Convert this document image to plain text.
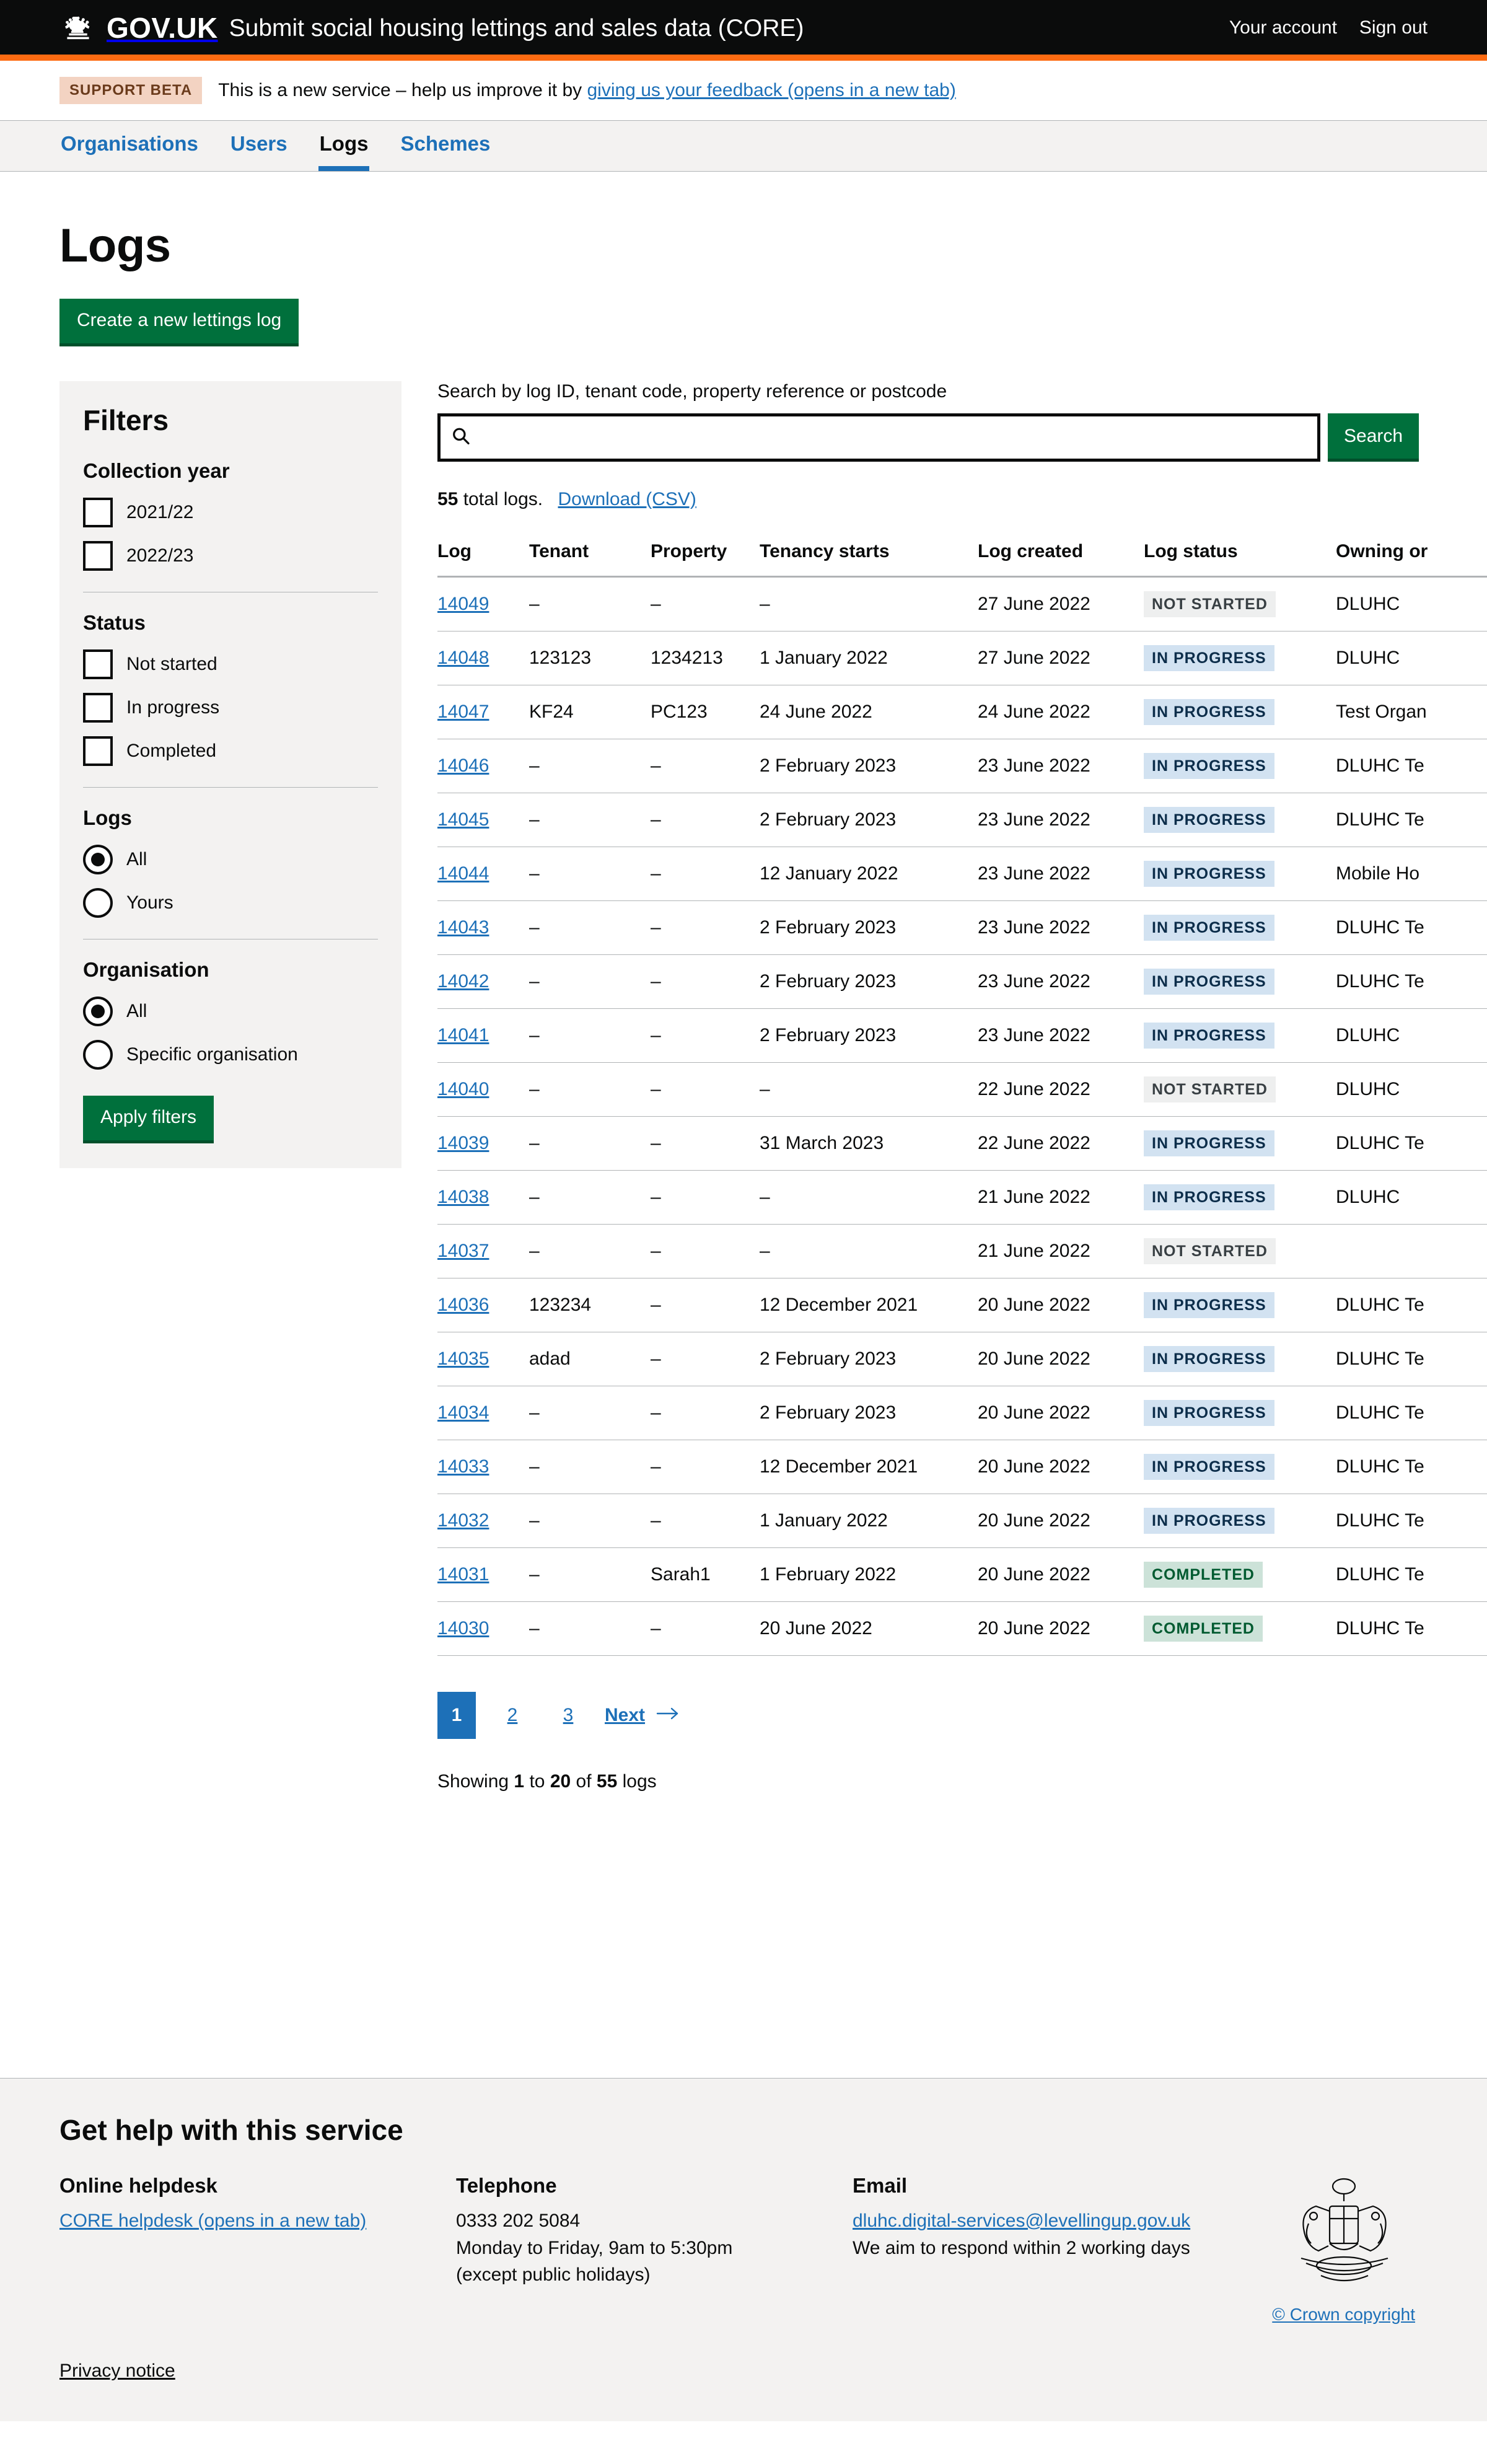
GOV.UK Submit social housing lettings and sales data (CORE)	Your account Sign out
SUPPORT BETA	This is a new service – help us improve it by giving us your feedback (opens in a new tab)
Organisations Users Logs Schemes
Logs
Create a new lettings log
Filters
Collection year
2021/22
2022/23
Status
Not started
In progress
Completed
Logs
All
Yours
Organisation
All
Specific organisation
Apply filters
Search by log ID, tenant code, property reference or postcode
Search
55 total logs. Download (CSV)
Log	Tenant	Property	Tenancy starts	Log created	Log status	Owning or
14049	–	–	–	27 June 2022	NOT STARTED	DLUHC
14048	123123	1234213	1 January 2022	27 June 2022	IN PROGRESS	DLUHC
14047	KF24	PC123	24 June 2022	24 June 2022	IN PROGRESS	Test Organ
14046	–	–	2 February 2023	23 June 2022	IN PROGRESS	DLUHC Te
14045	–	–	2 February 2023	23 June 2022	IN PROGRESS	DLUHC Te
14044	–	–	12 January 2022	23 June 2022	IN PROGRESS	Mobile Ho
14043	–	–	2 February 2023	23 June 2022	IN PROGRESS	DLUHC Te
14042	–	–	2 February 2023	23 June 2022	IN PROGRESS	DLUHC Te
14041	–	–	2 February 2023	23 June 2022	IN PROGRESS	DLUHC
14040	–	–	–	22 June 2022	NOT STARTED	DLUHC
14039	–	–	31 March 2023	22 June 2022	IN PROGRESS	DLUHC Te
14038	–	–	–	21 June 2022	IN PROGRESS	DLUHC
14037	–	–	–	21 June 2022	NOT STARTED	
14036	123234	–	12 December 2021	20 June 2022	IN PROGRESS	DLUHC Te
14035	adad	–	2 February 2023	20 June 2022	IN PROGRESS	DLUHC Te
14034	–	–	2 February 2023	20 June 2022	IN PROGRESS	DLUHC Te
14033	–	–	12 December 2021	20 June 2022	IN PROGRESS	DLUHC Te
14032	–	–	1 January 2022	20 June 2022	IN PROGRESS	DLUHC Te
14031	–	Sarah1	1 February 2022	20 June 2022	COMPLETED	DLUHC Te
14030	–	–	20 June 2022	20 June 2022	COMPLETED	DLUHC Te
1	2	3	Next
Showing 1 to 20 of 55 logs
Get help with this service
Online helpdesk
CORE helpdesk (opens in a new tab)
Telephone

0333 202 5084

Monday to Friday, 9am to 5:30pm

(except public holidays)

Email
dluhc.digital-services@levellingup.gov.uk

We aim to respond within 2 working days

© Crown copyright
Privacy notice
